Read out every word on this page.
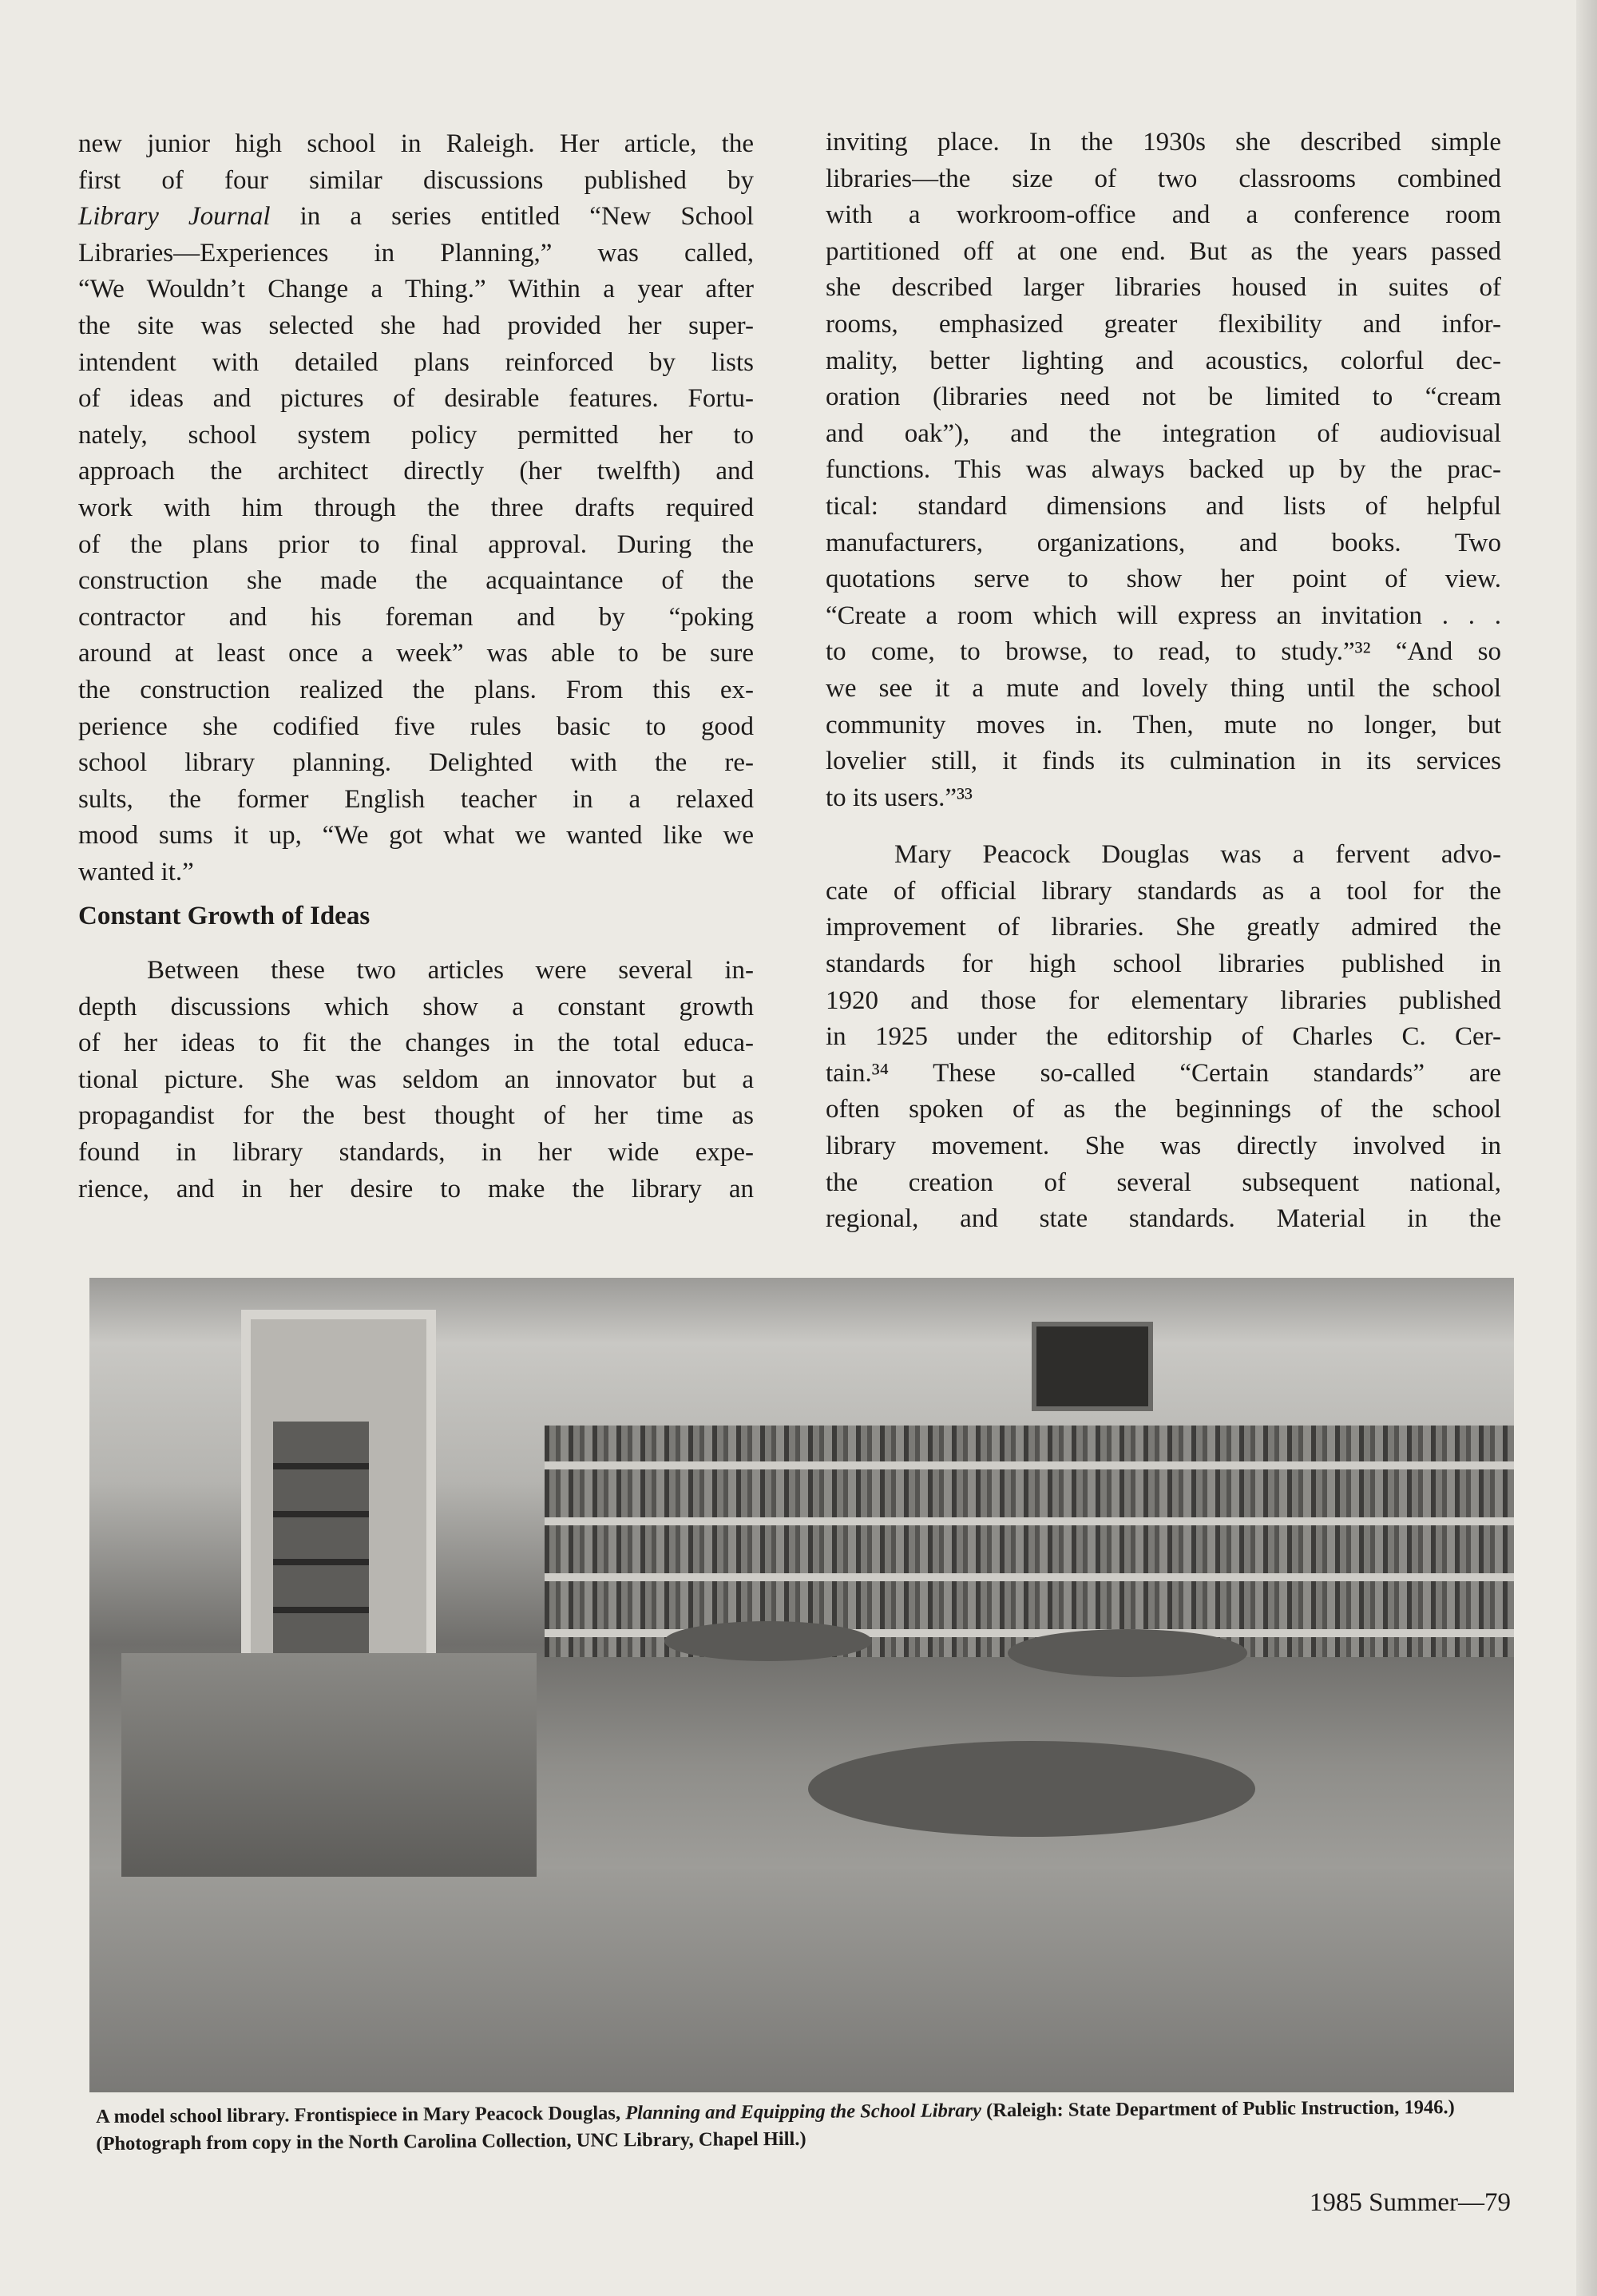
new junior high school in Raleigh. Her article, the
first of four similar discussions published by
Library Journal in a series entitled “New School
Libraries—Experiences in Planning,” was called,
“We Wouldn’t Change a Thing.” Within a year after
the site was selected she had provided her super-
intendent with detailed plans reinforced by lists
of ideas and pictures of desirable features. Fortu-
nately, school system policy permitted her to
approach the architect directly (her twelfth) and
work with him through the three drafts required
of the plans prior to final approval. During the
construction she made the acquaintance of the
contractor and his foreman and by “poking
around at least once a week” was able to be sure
the construction realized the plans. From this ex-
perience she codified five rules basic to good
school library planning. Delighted with the re-
sults, the former English teacher in a relaxed
mood sums it up, “We got what we wanted like we
wanted it.”
Constant Growth of Ideas
Between these two articles were several in-
depth discussions which show a constant growth
of her ideas to fit the changes in the total educa-
tional picture. She was seldom an innovator but a
propagandist for the best thought of her time as
found in library standards, in her wide expe-
rience, and in her desire to make the library an
inviting place. In the 1930s she described simple
libraries—the size of two classrooms combined
with a workroom-office and a conference room
partitioned off at one end. But as the years passed
she described larger libraries housed in suites of
rooms, emphasized greater flexibility and infor-
mality, better lighting and acoustics, colorful dec-
oration (libraries need not be limited to “cream
and oak”), and the integration of audiovisual
functions. This was always backed up by the prac-
tical: standard dimensions and lists of helpful
manufacturers, organizations, and books. Two
quotations serve to show her point of view.
“Create a room which will express an invitation . . .
to come, to browse, to read, to study.”³² “And so
we see it a mute and lovely thing until the school
community moves in. Then, mute no longer, but
lovelier still, it finds its culmination in its services
to its users.”³³
Mary Peacock Douglas was a fervent advo-
cate of official library standards as a tool for the
improvement of libraries. She greatly admired the
standards for high school libraries published in
1920 and those for elementary libraries published
in 1925 under the editorship of Charles C. Cer-
tain.³⁴ These so-called “Certain standards” are
often spoken of as the beginnings of the school
library movement. She was directly involved in
the creation of several subsequent national,
regional, and state standards. Material in the
A model school library. Frontispiece in Mary Peacock Douglas, Planning and Equipping the School Library (Raleigh: State Department of Public Instruction, 1946.) (Photograph from copy in the North Carolina Collection, UNC Library, Chapel Hill.)
1985 Summer—79
